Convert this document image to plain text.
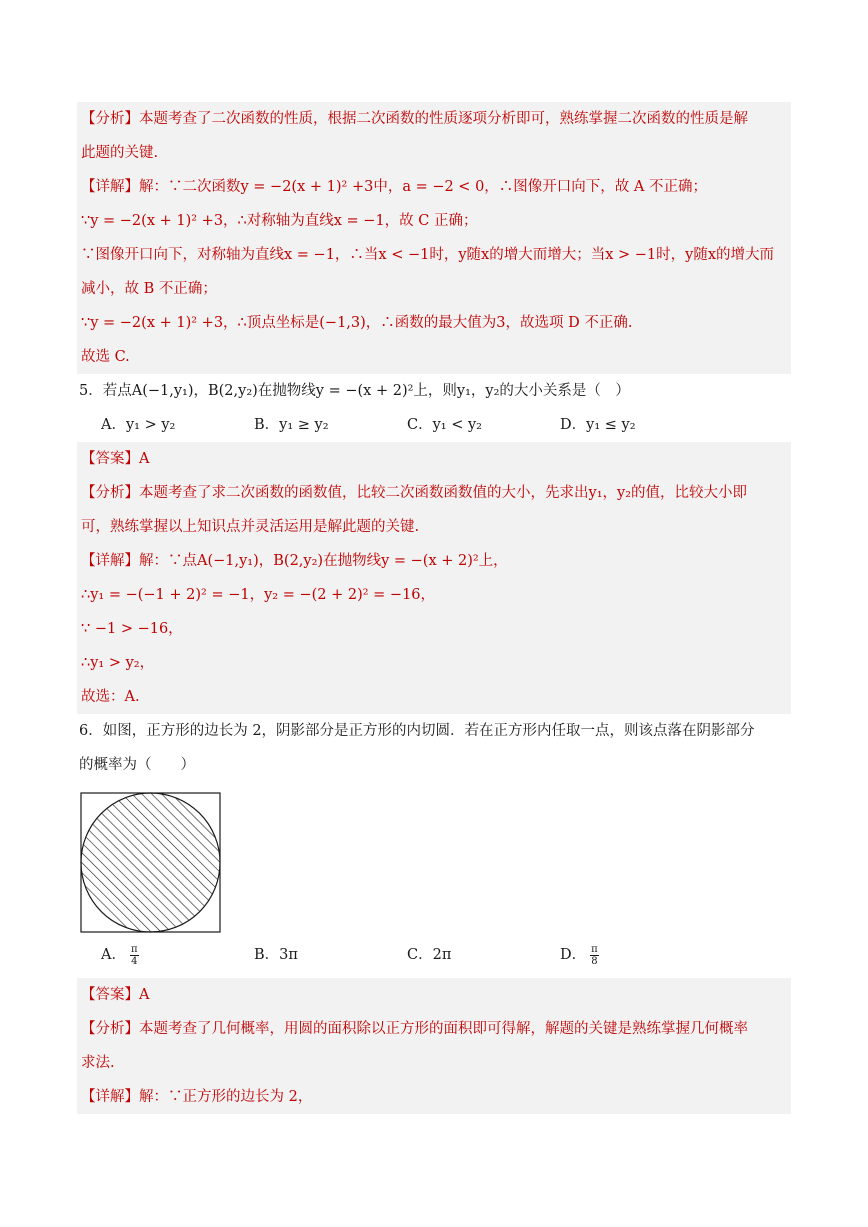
【分析】本题考查了二次函数的性质，根据二次函数的性质逐项分析即可，熟练掌握二次函数的性质是解
此题的关键.
【详解】解：∵二次函数y = −2(x + 1)² +3中，a = −2 < 0，∴图像开口向下，故 A 不正确；
∵y = −2(x + 1)² +3，∴对称轴为直线x = −1，故 C 正确；
∵图像开口向下，对称轴为直线x = −1，∴当x < −1时，y随x的增大而增大；当x > −1时，y随x的增大而
减小，故 B 不正确；
∵y = −2(x + 1)² +3，∴顶点坐标是(−1,3)，∴函数的最大值为3，故选项 D 不正确.
故选 C.
5．若点A(−1,y₁)，B(2,y₂)在抛物线y = −(x + 2)²上，则y₁，y₂的大小关系是（　）
A．y₁ > y₂	B．y₁ ≥ y₂	C．y₁ < y₂	D．y₁ ≤ y₂
【答案】A
【分析】本题考查了求二次函数的函数值，比较二次函数函数值的大小，先求出y₁，y₂的值，比较大小即
可，熟练掌握以上知识点并灵活运用是解此题的关键.
【详解】解：∵点A(−1,y₁)，B(2,y₂)在抛物线y = −(x + 2)²上，
∴y₁ = −(−1 + 2)² = −1，y₂ = −(2 + 2)² = −16，
∵ −1 > −16，
∴y₁ > y₂，
故选：A.
6．如图，正方形的边长为 2，阴影部分是正方形的内切圆．若在正方形内任取一点，则该点落在阴影部分
的概率为（　　）
A． $\frac{\pi}{4}$	B．3π	C．2π	D． $\frac{\pi}{8}$
【答案】A
【分析】本题考查了几何概率，用圆的面积除以正方形的面积即可得解，解题的关键是熟练掌握几何概率
求法.
【详解】解：∵正方形的边长为 2，
